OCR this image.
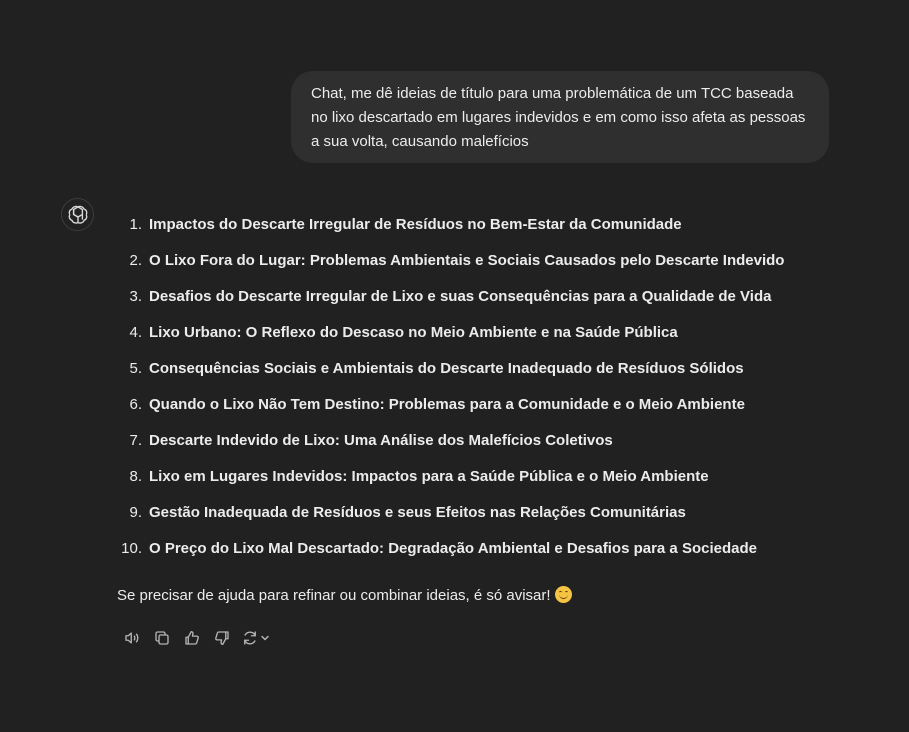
Chat, me dê ideias de título para uma problemática de um TCC baseada no lixo descartado em lugares indevidos e em como isso afeta as pessoas a sua volta, causando malefícios

1. Impactos do Descarte Irregular de Resíduos no Bem-Estar da Comunidade
2. O Lixo Fora do Lugar: Problemas Ambientais e Sociais Causados pelo Descarte Indevido
3. Desafios do Descarte Irregular de Lixo e suas Consequências para a Qualidade de Vida
4. Lixo Urbano: O Reflexo do Descaso no Meio Ambiente e na Saúde Pública
5. Consequências Sociais e Ambientais do Descarte Inadequado de Resíduos Sólidos
6. Quando o Lixo Não Tem Destino: Problemas para a Comunidade e o Meio Ambiente
7. Descarte Indevido de Lixo: Uma Análise dos Malefícios Coletivos
8. Lixo em Lugares Indevidos: Impactos para a Saúde Pública e o Meio Ambiente
9. Gestão Inadequada de Resíduos e seus Efeitos nas Relações Comunitárias
10. O Preço do Lixo Mal Descartado: Degradação Ambiental e Desafios para a Sociedade
Se precisar de ajuda para refinar ou combinar ideias, é só avisar!
